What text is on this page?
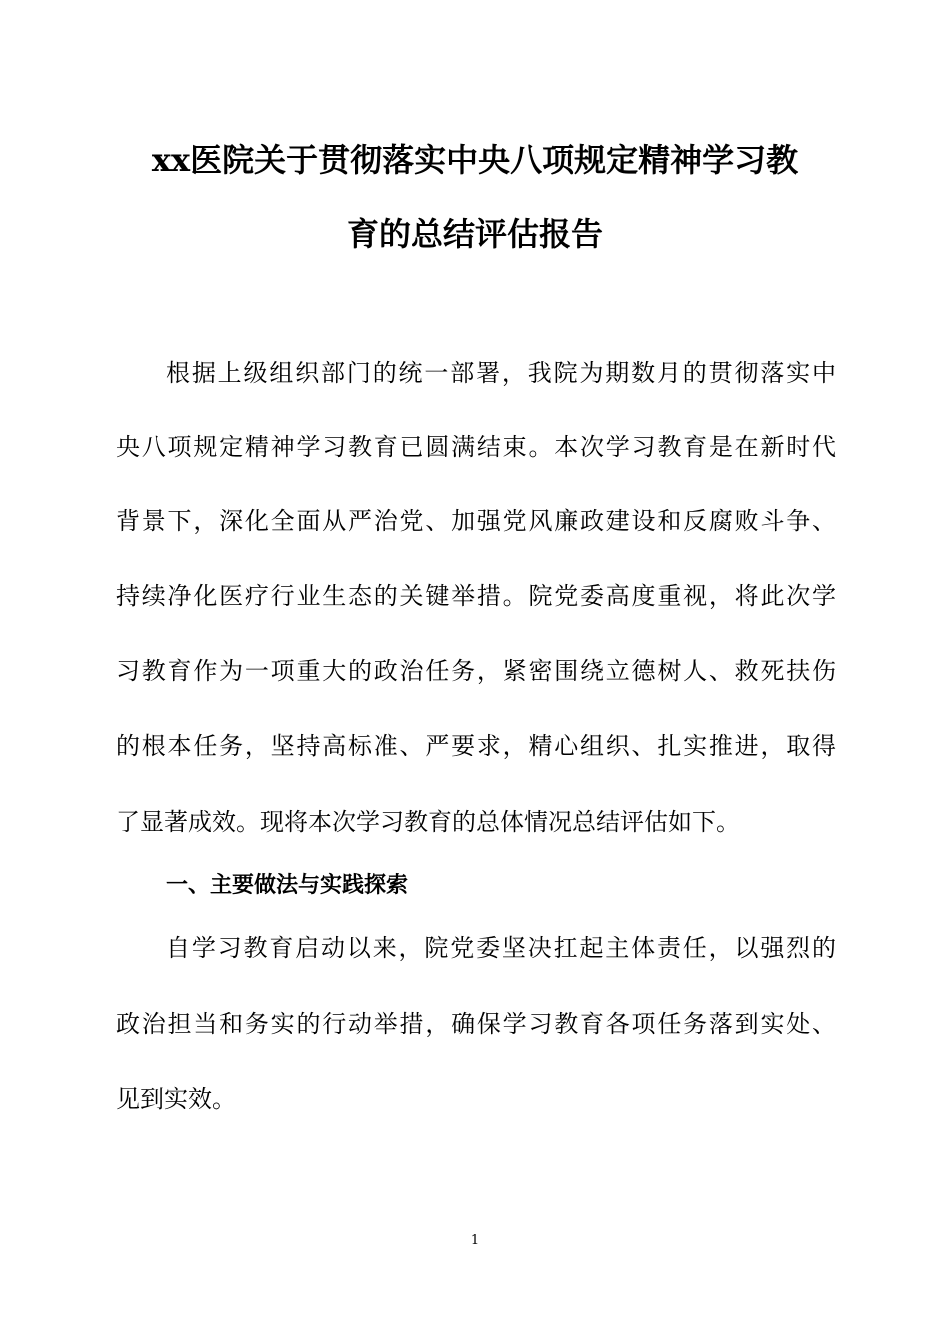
xx医院关于贯彻落实中央八项规定精神学习教
育的总结评估报告
根据上级组织部门的统一部署，我院为期数月的贯彻落实中
央八项规定精神学习教育已圆满结束。本次学习教育是在新时代
背景下，深化全面从严治党、加强党风廉政建设和反腐败斗争、
持续净化医疗行业生态的关键举措。院党委高度重视，将此次学
习教育作为一项重大的政治任务，紧密围绕立德树人、救死扶伤
的根本任务，坚持高标准、严要求，精心组织、扎实推进，取得
了显著成效。现将本次学习教育的总体情况总结评估如下。
一、主要做法与实践探索
自学习教育启动以来，院党委坚决扛起主体责任，以强烈的
政治担当和务实的行动举措，确保学习教育各项任务落到实处、
见到实效。
1
